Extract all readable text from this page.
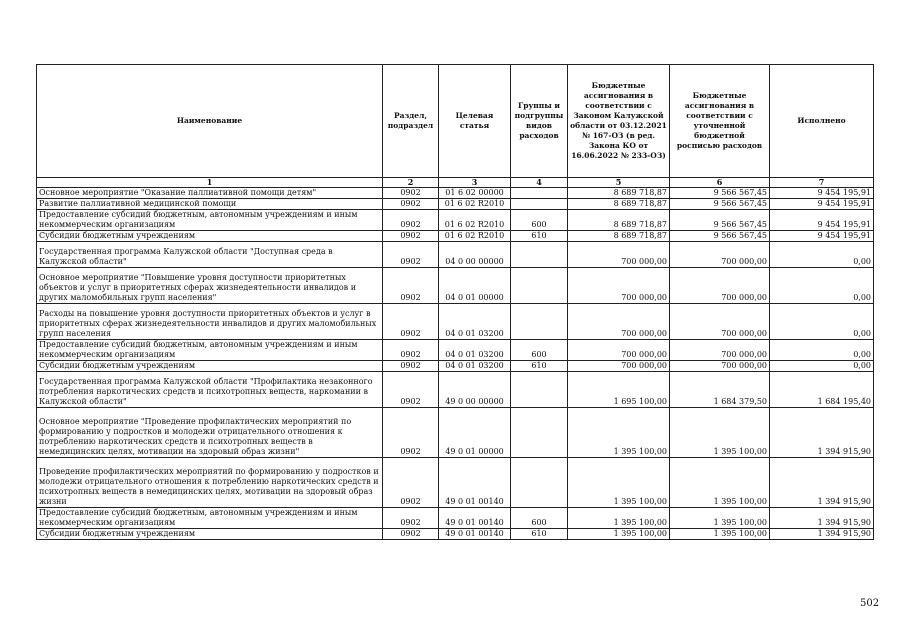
Наименование	Раздел, подраздел	Целевая статья	Группы и подгруппы видов расходов	Бюджетные ассигнования в соответствии с Законом Калужской области от 03.12.2021 № 167-ОЗ (в ред. Закона КО от 16.06.2022 № 233-ОЗ)	Бюджетные ассигнования в соответствии с уточненной бюджетной росписью расходов	Исполнено
1	2	3	4	5	6	7
Основное мероприятие "Оказание паллиативной помощи детям"	0902	01 6 02 00000		8 689 718,87	9 566 567,45	9 454 195,91
Развитие паллиативной медицинской помощи	0902	01 6 02 R2010		8 689 718,87	9 566 567,45	9 454 195,91
Предоставление субсидий бюджетным, автономным учреждениям и иным некоммерческим организациям	0902	01 6 02 R2010	600	8 689 718,87	9 566 567,45	9 454 195,91
Субсидии бюджетным учреждениям	0902	01 6 02 R2010	610	8 689 718,87	9 566 567,45	9 454 195,91
Государственная программа Калужской области "Доступная среда в Калужской области"	0902	04 0 00 00000		700 000,00	700 000,00	0,00
Основное мероприятие "Повышение уровня доступности приоритетных объектов и услуг в приоритетных сферах жизнедеятельности инвалидов и других маломобильных групп населения"	0902	04 0 01 00000		700 000,00	700 000,00	0,00
Расходы на повышение уровня доступности приоритетных объектов и услуг в приоритетных сферах жизнедеятельности инвалидов и других маломобильных групп населения	0902	04 0 01 03200		700 000,00	700 000,00	0,00
Предоставление субсидий бюджетным, автономным учреждениям и иным некоммерческим организациям	0902	04 0 01 03200	600	700 000,00	700 000,00	0,00
Субсидии бюджетным учреждениям	0902	04 0 01 03200	610	700 000,00	700 000,00	0,00
Государственная программа Калужской области "Профилактика незаконного потребления наркотических средств и психотропных веществ, наркомании в Калужской области"	0902	49 0 00 00000		1 695 100,00	1 684 379,50	1 684 195,40
Основное мероприятие "Проведение профилактических мероприятий по формированию у подростков и молодежи отрицательного отношения к потреблению наркотических средств и психотропных веществ в немедицинских целях, мотивации на здоровый образ жизни"	0902	49 0 01 00000		1 395 100,00	1 395 100,00	1 394 915,90
Проведение профилактических мероприятий по формированию у подростков и молодежи отрицательного отношения к потреблению наркотических средств и психотропных веществ в немедицинских целях, мотивации на здоровый образ жизни	0902	49 0 01 00140		1 395 100,00	1 395 100,00	1 394 915,90
Предоставление субсидий бюджетным, автономным учреждениям и иным некоммерческим организациям	0902	49 0 01 00140	600	1 395 100,00	1 395 100,00	1 394 915,90
Субсидии бюджетным учреждениям	0902	49 0 01 00140	610	1 395 100,00	1 395 100,00	1 394 915,90
502
